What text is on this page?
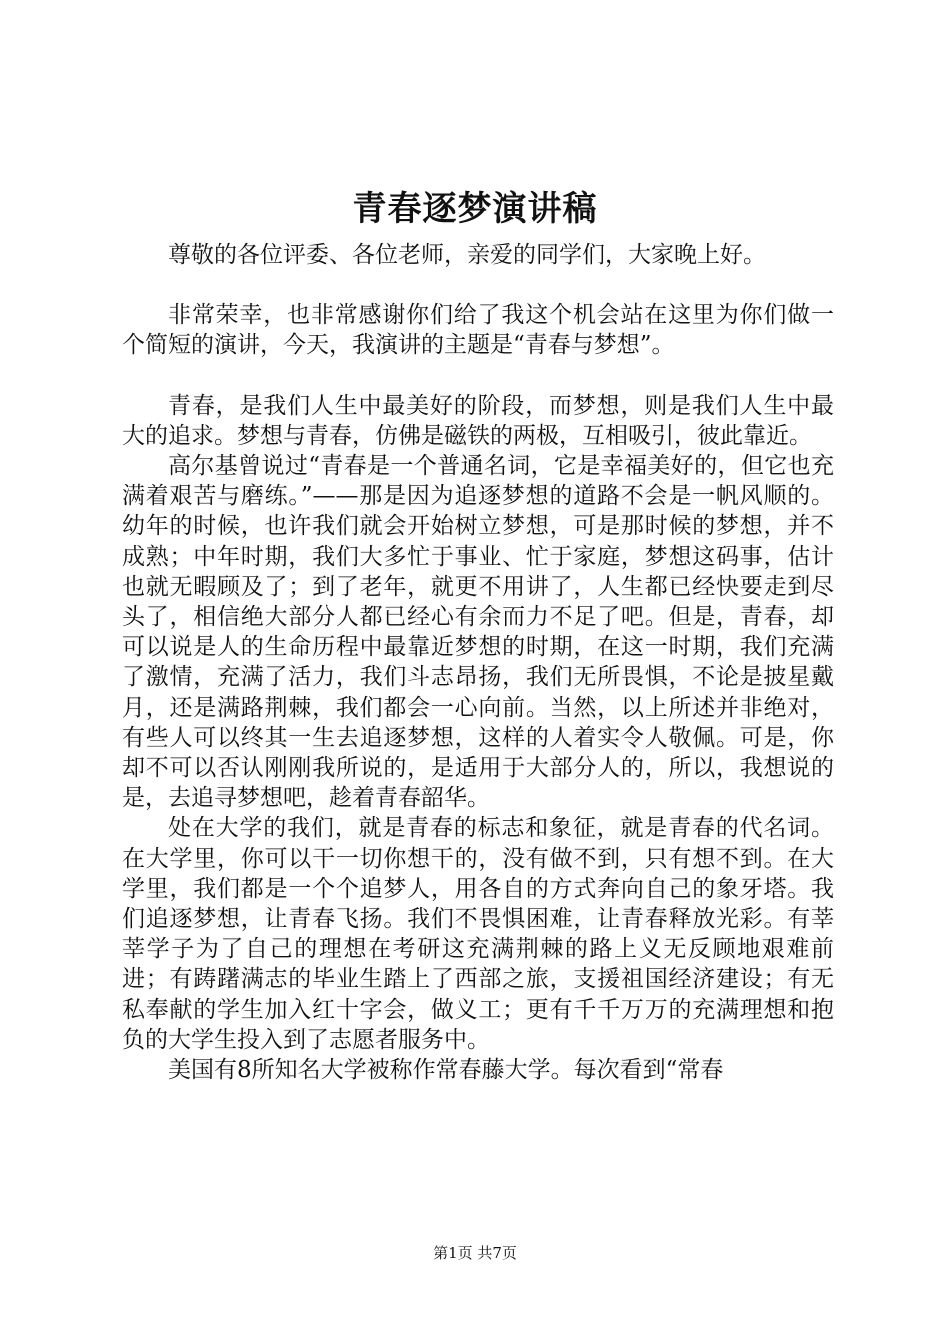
青春逐梦演讲稿

尊敬的各位评委、各位老师，亲爱的同学们，大家晚上好。

非常荣幸，也非常感谢你们给了我这个机会站在这里为你们做一个简短的演讲，今天，我演讲的主题是“青春与梦想”。

青春，是我们人生中最美好的阶段，而梦想，则是我们人生中最大的追求。梦想与青春，仿佛是磁铁的两极，互相吸引，彼此靠近。

高尔基曾说过“青春是一个普通名词，它是幸福美好的，但它也充满着艰苦与磨练。”——那是因为追逐梦想的道路不会是一帆风顺的。幼年的时候，也许我们就会开始树立梦想，可是那时候的梦想，并不成熟；中年时期，我们大多忙于事业、忙于家庭，梦想这码事，估计也就无暇顾及了；到了老年，就更不用讲了，人生都已经快要走到尽头了，相信绝大部分人都已经心有余而力不足了吧。但是，青春，却可以说是人的生命历程中最靠近梦想的时期，在这一时期，我们充满了激情，充满了活力，我们斗志昂扬，我们无所畏惧，不论是披星戴月，还是满路荆棘，我们都会一心向前。当然，以上所述并非绝对，有些人可以终其一生去追逐梦想，这样的人着实令人敬佩。可是，你却不可以否认刚刚我所说的，是适用于大部分人的，所以，我想说的是，去追寻梦想吧，趁着青春韶华。

处在大学的我们，就是青春的标志和象征，就是青春的代名词。在大学里，你可以干一切你想干的，没有做不到，只有想不到。在大学里，我们都是一个个追梦人，用各自的方式奔向自己的象牙塔。我们追逐梦想，让青春飞扬。我们不畏惧困难，让青春释放光彩。有莘莘学子为了自己的理想在考研这充满荆棘的路上义无反顾地艰难前进；有踌躇满志的毕业生踏上了西部之旅，支援祖国经济建设；有无私奉献的学生加入红十字会，做义工；更有千千万万的充满理想和抱负的大学生投入到了志愿者服务中。

美国有8所知名大学被称作常春藤大学。每次看到“常春

第1页 共7页
